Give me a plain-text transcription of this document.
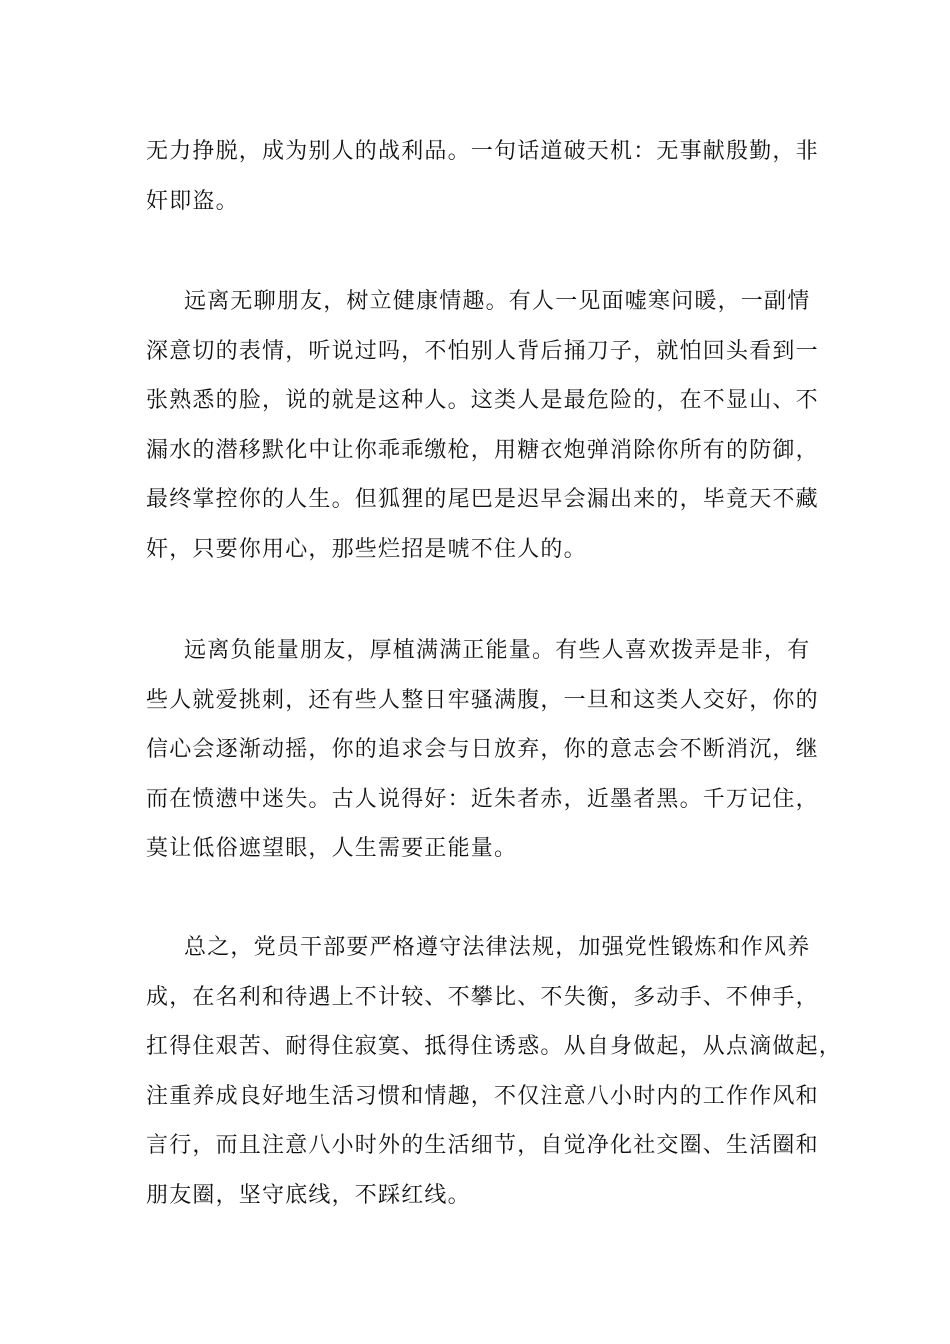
无力挣脱，成为别人的战利品。一句话道破天机：无事献殷勤，非
奸即盗。
远离无聊朋友，树立健康情趣。有人一见面嘘寒问暖，一副情
深意切的表情，听说过吗，不怕别人背后捅刀子，就怕回头看到一
张熟悉的脸，说的就是这种人。这类人是最危险的，在不显山、不
漏水的潜移默化中让你乖乖缴枪，用糖衣炮弹消除你所有的防御，
最终掌控你的人生。但狐狸的尾巴是迟早会漏出来的，毕竟天不藏
奸，只要你用心，那些烂招是唬不住人的。
远离负能量朋友，厚植满满正能量。有些人喜欢拨弄是非，有
些人就爱挑刺，还有些人整日牢骚满腹，一旦和这类人交好，你的
信心会逐渐动摇，你的追求会与日放弃，你的意志会不断消沉，继
而在愤懑中迷失。古人说得好：近朱者赤，近墨者黑。千万记住，
莫让低俗遮望眼，人生需要正能量。
总之，党员干部要严格遵守法律法规，加强党性锻炼和作风养
成，在名利和待遇上不计较、不攀比、不失衡，多动手、不伸手，
扛得住艰苦、耐得住寂寞、抵得住诱惑。从自身做起，从点滴做起，
注重养成良好地生活习惯和情趣，不仅注意八小时内的工作作风和
言行，而且注意八小时外的生活细节，自觉净化社交圈、生活圈和
朋友圈，坚守底线，不踩红线。
